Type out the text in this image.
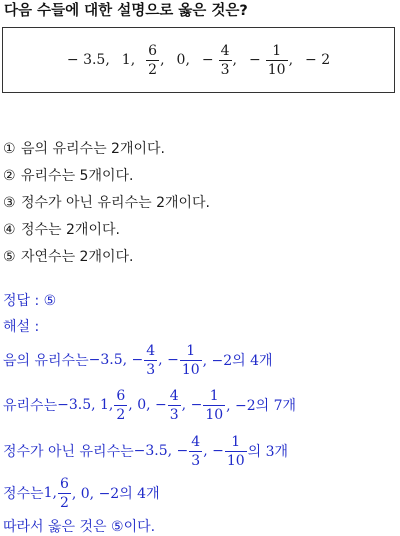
다음 수들에 대한 설명으로 옳은 것은?
− 3.5, 1, $\frac{6}{2}$ , 0, − $\frac{4}{3}$ , − $\frac{1}{10}$ , − 2
① 음의 유리수는 2개이다.
② 유리수는 5개이다.
③ 정수가 아닌 유리수는 2개이다.
④ 정수는 2개이다.
⑤ 자연수는 2개이다.
정답 : ⑤
해설 :
음의 유리수는 −3.5, − $\frac{4}{3}$ , − $\frac{1}{10}$ , −2의 4개
유리수는 −3.5, 1, $\frac{6}{2}$ , 0, − $\frac{4}{3}$ , − $\frac{1}{10}$ , −2의 7개
정수가 아닌 유리수는 −3.5, − $\frac{4}{3}$ , − $\frac{1}{10}$ 의 3개
정수는 1, $\frac{6}{2}$ , 0, −2의 4개
따라서 옳은 것은 ⑤이다.
